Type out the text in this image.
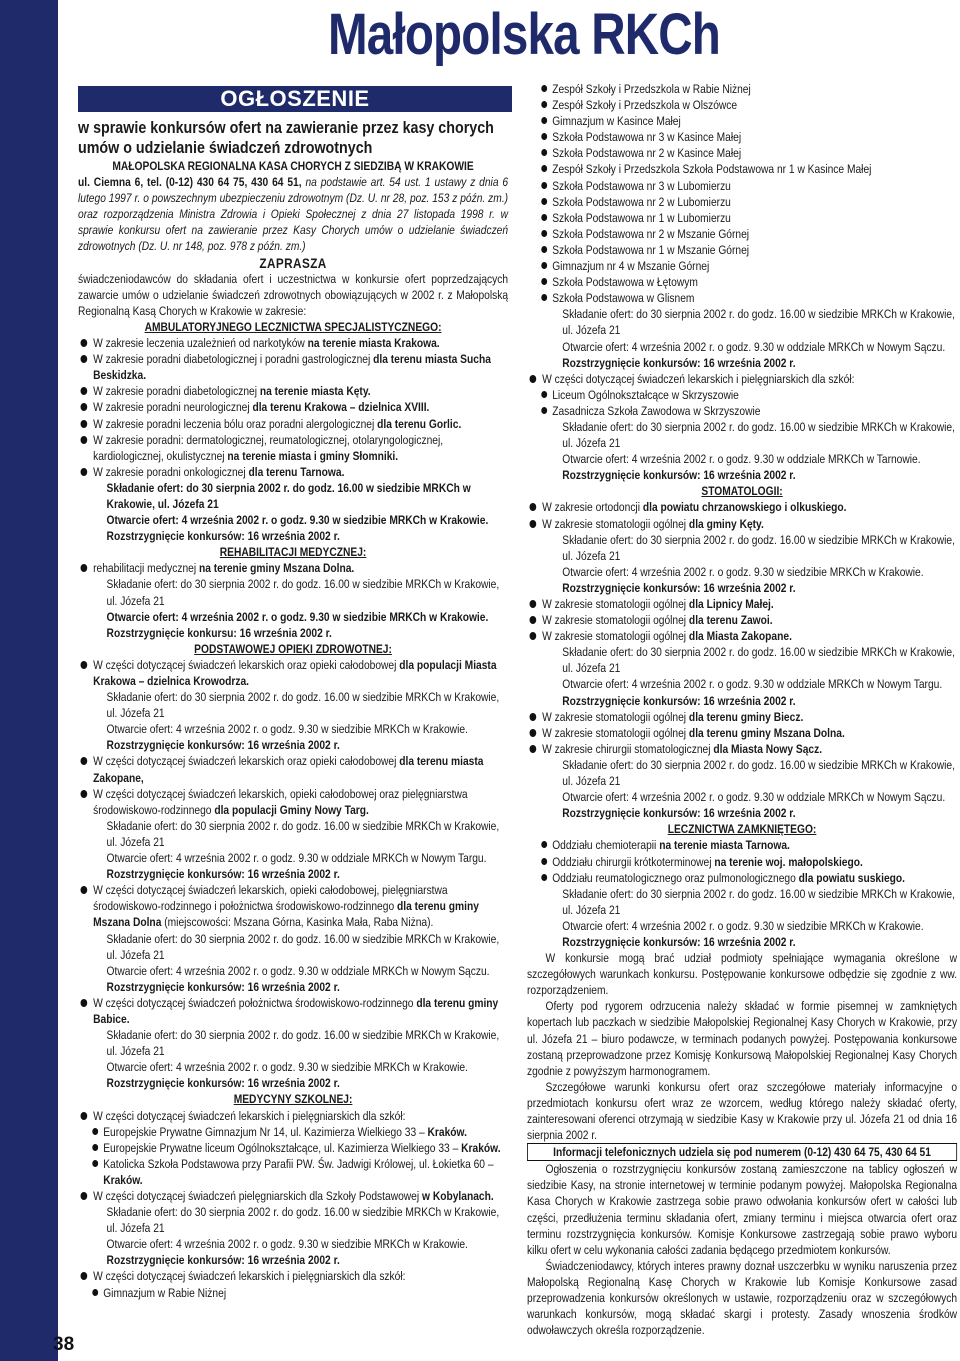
38
Małopolska RKCh
OGŁOSZENIE

w sprawie konkursów ofert na zawieranie przez kasy chorych umów o udzielanie świadczeń zdrowotnych

MAŁOPOLSKA REGIONALNA KASA CHORYCH Z SIEDZIBĄ W KRAKOWIE

ul. Ciemna 6, tel. (0-12) 430 64 75, 430 64 51, na podstawie art. 54 ust. 1 ustawy z dnia 6 lutego 1997 r. o powszechnym ubezpieczeniu zdrowotnym (Dz. U. nr 28, poz. 153 z późn. zm.) oraz rozporządzenia Ministra Zdrowia i Opieki Społecznej z dnia 27 listopada 1998 r. w sprawie konkursu ofert na zawieranie przez Kasy Chorych umów o udzielanie świadczeń zdrowotnych (Dz. U. nr 148, poz. 978 z późn. zm.)

ZAPRASZA

świadczeniodawców do składania ofert i uczestnictwa w konkursie ofert poprzedzających zawarcie umów o udzielanie świadczeń zdrowotnych obowiązujących w 2002 r. z Małopolską Regionalną Kasą Chorych w Krakowie w zakresie:

AMBULATORYJNEGO LECZNICTWA SPECJALISTYCZNEGO:

W zakresie leczenia uzależnień od narkotyków na terenie miasta Krakowa.

W zakresie poradni diabetologicznej i poradni gastrologicznej dla terenu miasta Sucha Beskidzka.

W zakresie poradni diabetologicznej na terenie miasta Kęty.

W zakresie poradni neurologicznej dla terenu Krakowa – dzielnica XVIII.

W zakresie poradni leczenia bólu oraz poradni alergologicznej dla terenu Gorlic.

W zakresie poradni: dermatologicznej, reumatologicznej, otolaryngologicznej, kardiologicznej, okulistycznej na terenie miasta i gminy Słomniki.

W zakresie poradni onkologicznej dla terenu Tarnowa.

Składanie ofert: do 30 sierpnia 2002 r. do godz. 16.00 w siedzibie MRKCh w Krakowie, ul. Józefa 21

Otwarcie ofert: 4 września 2002 r. o godz. 9.30 w siedzibie MRKCh w Krakowie.

Rozstrzygnięcie konkursów: 16 września 2002 r.

REHABILITACJI MEDYCZNEJ:

rehabilitacji medycznej na terenie gminy Mszana Dolna.

Składanie ofert: do 30 sierpnia 2002 r. do godz. 16.00 w siedzibie MRKCh w Krakowie, ul. Józefa 21

Otwarcie ofert: 4 września 2002 r. o godz. 9.30 w siedzibie MRKCh w Krakowie.

Rozstrzygnięcie konkursu: 16 września 2002 r.

PODSTAWOWEJ OPIEKI ZDROWOTNEJ:

W części dotyczącej świadczeń lekarskich oraz opieki całodobowej dla populacji Miasta Krakowa – dzielnica Krowodrza.

Składanie ofert: do 30 sierpnia 2002 r. do godz. 16.00 w siedzibie MRKCh w Krakowie, ul. Józefa 21

Otwarcie ofert: 4 września 2002 r. o godz. 9.30 w siedzibie MRKCh w Krakowie.

Rozstrzygnięcie konkursów: 16 września 2002 r.

W części dotyczącej świadczeń lekarskich oraz opieki całodobowej dla terenu miasta Zakopane,

W części dotyczącej świadczeń lekarskich, opieki całodobowej oraz pielęgniarstwa środowiskowo-rodzinnego dla populacji Gminy Nowy Targ.

Składanie ofert: do 30 sierpnia 2002 r. do godz. 16.00 w siedzibie MRKCh w Krakowie, ul. Józefa 21

Otwarcie ofert: 4 września 2002 r. o godz. 9.30 w oddziale MRKCh w Nowym Targu.

Rozstrzygnięcie konkursów: 16 września 2002 r.

W części dotyczącej świadczeń lekarskich, opieki całodobowej, pielęgniarstwa środowiskowo-rodzinnego i położnictwa środowiskowo-rodzinnego dla terenu gminy Mszana Dolna (miejscowości: Mszana Górna, Kasinka Mała, Raba Niżna).

Składanie ofert: do 30 sierpnia 2002 r. do godz. 16.00 w siedzibie MRKCh w Krakowie, ul. Józefa 21

Otwarcie ofert: 4 września 2002 r. o godz. 9.30 w oddziale MRKCh w Nowym Sączu.

Rozstrzygnięcie konkursów: 16 września 2002 r.

W części dotyczącej świadczeń położnictwa środowiskowo-rodzinnego dla terenu gminy Babice.

Składanie ofert: do 30 sierpnia 2002 r. do godz. 16.00 w siedzibie MRKCh w Krakowie, ul. Józefa 21

Otwarcie ofert: 4 września 2002 r. o godz. 9.30 w siedzibie MRKCh w Krakowie.

Rozstrzygnięcie konkursów: 16 września 2002 r.

MEDYCYNY SZKOLNEJ:

W części dotyczącej świadczeń lekarskich i pielęgniarskich dla szkół:

Europejskie Prywatne Gimnazjum Nr 14, ul. Kazimierza Wielkiego 33 – Kraków.

Europejskie Prywatne liceum Ogólnokształcące, ul. Kazimierza Wielkiego 33 – Kraków.

Katolicka Szkoła Podstawowa przy Parafii PW. Św. Jadwigi Królowej, ul. Łokietka 60 – Kraków.

W części dotyczącej świadczeń pielęgniarskich dla Szkoły Podstawowej w Kobylanach.

Składanie ofert: do 30 sierpnia 2002 r. do godz. 16.00 w siedzibie MRKCh w Krakowie, ul. Józefa 21

Otwarcie ofert: 4 września 2002 r. o godz. 9.30 w siedzibie MRKCh w Krakowie.

Rozstrzygnięcie konkursów: 16 września 2002 r.

W części dotyczącej świadczeń lekarskich i pielęgniarskich dla szkół:

Gimnazjum w Rabie Niżnej

Zespół Szkoły i Przedszkola w Rabie Niżnej

Zespół Szkoły i Przedszkola w Olszówce

Gimnazjum w Kasince Małej

Szkoła Podstawowa nr 3 w Kasince Małej

Szkoła Podstawowa nr 2 w Kasince Małej

Zespół Szkoły i Przedszkola Szkoła Podstawowa nr 1 w Kasince Małej

Szkoła Podstawowa nr 3 w Lubomierzu

Szkoła Podstawowa nr 2 w Lubomierzu

Szkoła Podstawowa nr 1 w Lubomierzu

Szkoła Podstawowa nr 2 w Mszanie Górnej

Szkoła Podstawowa nr 1 w Mszanie Górnej

Gimnazjum nr 4 w Mszanie Górnej

Szkoła Podstawowa w Łętowym

Szkoła Podstawowa w Glisnem

Składanie ofert: do 30 sierpnia 2002 r. do godz. 16.00 w siedzibie MRKCh w Krakowie, ul. Józefa 21

Otwarcie ofert: 4 września 2002 r. o godz. 9.30 w oddziale MRKCh w Nowym Sączu.

Rozstrzygnięcie konkursów: 16 września 2002 r.

W części dotyczącej świadczeń lekarskich i pielęgniarskich dla szkół:

Liceum Ogólnokształcące w Skrzyszowie

Zasadnicza Szkoła Zawodowa w Skrzyszowie

Składanie ofert: do 30 sierpnia 2002 r. do godz. 16.00 w siedzibie MRKCh w Krakowie, ul. Józefa 21

Otwarcie ofert: 4 września 2002 r. o godz. 9.30 w oddziale MRKCh w Tarnowie.

Rozstrzygnięcie konkursów: 16 września 2002 r.

STOMATOLOGII:

W zakresie ortodoncji dla powiatu chrzanowskiego i olkuskiego.

W zakresie stomatologii ogólnej dla gminy Kęty.

Składanie ofert: do 30 sierpnia 2002 r. do godz. 16.00 w siedzibie MRKCh w Krakowie, ul. Józefa 21

Otwarcie ofert: 4 września 2002 r. o godz. 9.30 w siedzibie MRKCh w Krakowie.

Rozstrzygnięcie konkursów: 16 września 2002 r.

W zakresie stomatologii ogólnej dla Lipnicy Małej.

W zakresie stomatologii ogólnej dla terenu Zawoi.

W zakresie stomatologii ogólnej dla Miasta Zakopane.

Składanie ofert: do 30 sierpnia 2002 r. do godz. 16.00 w siedzibie MRKCh w Krakowie, ul. Józefa 21

Otwarcie ofert: 4 września 2002 r. o godz. 9.30 w oddziale MRKCh w Nowym Targu.

Rozstrzygnięcie konkursów: 16 września 2002 r.

W zakresie stomatologii ogólnej dla terenu gminy Biecz.

W zakresie stomatologii ogólnej dla terenu gminy Mszana Dolna.

W zakresie chirurgii stomatologicznej dla Miasta Nowy Sącz.

Składanie ofert: do 30 sierpnia 2002 r. do godz. 16.00 w siedzibie MRKCh w Krakowie, ul. Józefa 21

Otwarcie ofert: 4 września 2002 r. o godz. 9.30 w oddziale MRKCh w Nowym Sączu.

Rozstrzygnięcie konkursów: 16 września 2002 r.

LECZNICTWA ZAMKNIĘTEGO:

Oddziału chemioterapii na terenie miasta Tarnowa.

Oddziału chirurgii krótkoterminowej na terenie woj. małopolskiego.

Oddziału reumatologicznego oraz pulmonologicznego dla powiatu suskiego.

Składanie ofert: do 30 sierpnia 2002 r. do godz. 16.00 w siedzibie MRKCh w Krakowie, ul. Józefa 21

Otwarcie ofert: 4 września 2002 r. o godz. 9.30 w siedzibie MRKCh w Krakowie.

Rozstrzygnięcie konkursów: 16 września 2002 r.

W konkursie mogą brać udział podmioty spełniające wymagania określone w szczegółowych warunkach konkursu. Postępowanie konkursowe odbędzie się zgodnie z ww. rozporządzeniem.

Oferty pod rygorem odrzucenia należy składać w formie pisemnej w zamkniętych kopertach lub paczkach w siedzibie Małopolskiej Regionalnej Kasy Chorych w Krakowie, przy ul. Józefa 21 – biuro podawcze, w terminach podanych powyżej. Postępowania konkursowe zostaną przeprowadzone przez Komisję Konkursową Małopolskiej Regionalnej Kasy Chorych zgodnie z powyższym harmonogramem.

Szczegółowe warunki konkursu ofert oraz szczegółowe materiały informacyjne o przedmiotach konkursu ofert wraz ze wzorcem, według którego należy składać oferty, zainteresowani oferenci otrzymają w siedzibie Kasy w Krakowie przy ul. Józefa 21 od dnia 16 sierpnia 2002 r.

Informacji telefonicznych udziela się pod numerem (0-12) 430 64 75, 430 64 51

Ogłoszenia o rozstrzygnięciu konkursów zostaną zamieszczone na tablicy ogłoszeń w siedzibie Kasy, na stronie internetowej w terminie podanym powyżej. Małopolska Regionalna Kasa Chorych w Krakowie zastrzega sobie prawo odwołania konkursów ofert w całości lub części, przedłużenia terminu składania ofert, zmiany terminu i miejsca otwarcia ofert oraz terminu rozstrzygnięcia konkursów. Komisje Konkursowe zastrzegają sobie prawo wyboru kilku ofert w celu wykonania całości zadania będącego przedmiotem konkursów.

Świadczeniodawcy, których interes prawny doznał uszczerbku w wyniku naruszenia przez Małopolską Regionalną Kasę Chorych w Krakowie lub Komisje Konkursowe zasad przeprowadzenia konkursów określonych w ustawie, rozporządzeniu oraz w szczegółowych warunkach konkursów, mogą składać skargi i protesty. Zasady wnoszenia środków odwoławczych określa rozporządzenie.
